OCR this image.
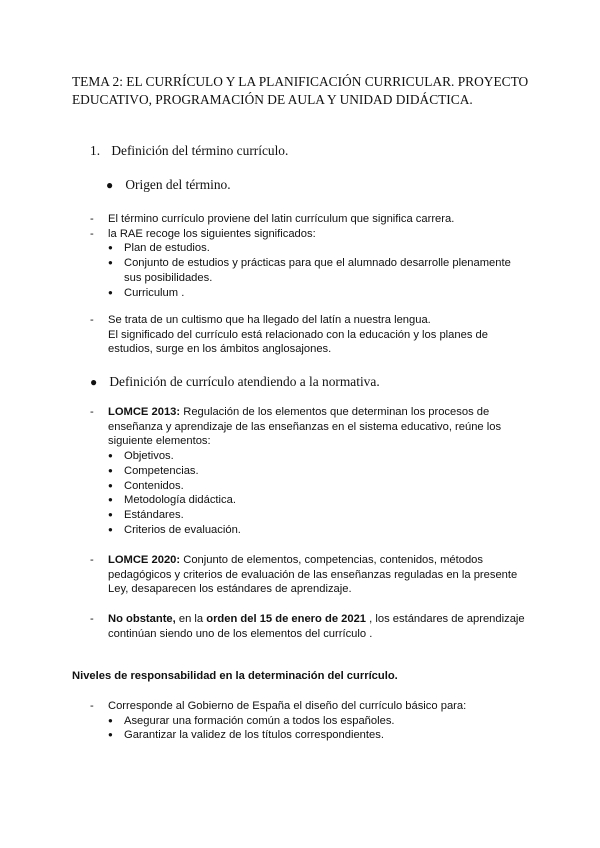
TEMA 2: EL CURRÍCULO Y LA PLANIFICACIÓN CURRICULAR. PROYECTO EDUCATIVO, PROGRAMACIÓN DE AULA Y UNIDAD DIDÁCTICA.
1. Definición del término currículo.
● Origen del término.
- El término currículo proviene del latin currículum que significa carrera.
- la RAE recoge los siguientes significados:
● Plan de estudios.
● Conjunto de estudios y prácticas para que el alumnado desarrolle plenamente sus posibilidades.
● Curriculum .
- Se trata de un cultismo que ha llegado del latín a nuestra lengua.
El significado del currículo está relacionado con la educación y los planes de estudios, surge en los ámbitos anglosajones.
● Definición de currículo atendiendo a la normativa.
- LOMCE 2013: Regulación de los elementos que determinan los procesos de enseñanza y aprendizaje de las enseñanzas en el sistema educativo, reúne los siguiente elementos:
● Objetivos.
● Competencias.
● Contenidos.
● Metodología didáctica.
● Estándares.
● Criterios de evaluación.
- LOMCE 2020: Conjunto de elementos, competencias, contenidos, métodos pedagógicos y criterios de evaluación de las enseñanzas reguladas en la presente Ley, desaparecen los estándares de aprendizaje.
- No obstante, en la orden del 15 de enero de 2021 , los estándares de aprendizaje continúan siendo uno de los elementos del currículo .
Niveles de responsabilidad en la determinación del currículo.
- Corresponde al Gobierno de España el diseño del currículo básico para:
● Asegurar una formación común a todos los españoles.
● Garantizar la validez de los títulos correspondientes.
